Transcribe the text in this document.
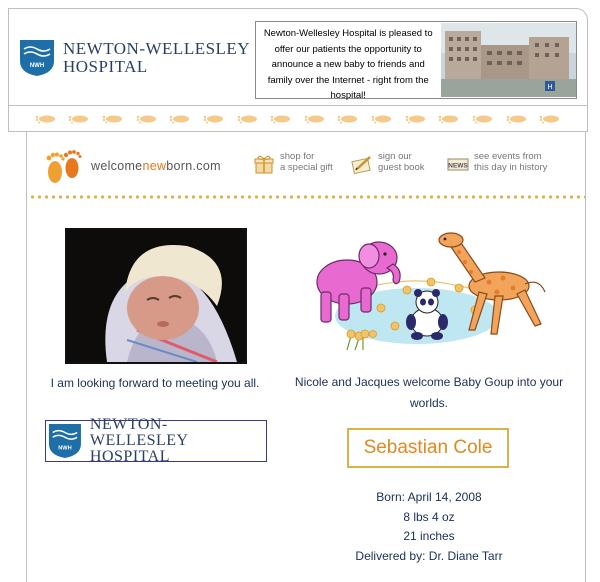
NWH
NEWTON-WELLESLEY
HOSPITAL
Newton-Wellesley Hospital is pleased to offer our patients the opportunity to announce a new baby to friends and family over the Internet - right from the hospital!
H
welcomenewborn.com
shop for
a special gift
sign our
guest book	NEWS
see events from
this day in history
I am looking forward to meeting you all.
NWH
NEWTON-WELLESLEY
HOSPITAL
Nicole and Jacques welcome Baby Goup into your worlds.
Sebastian Cole
Born: April 14, 2008
8 lbs 4 oz
21 inches
Delivered by: Dr. Diane Tarr
